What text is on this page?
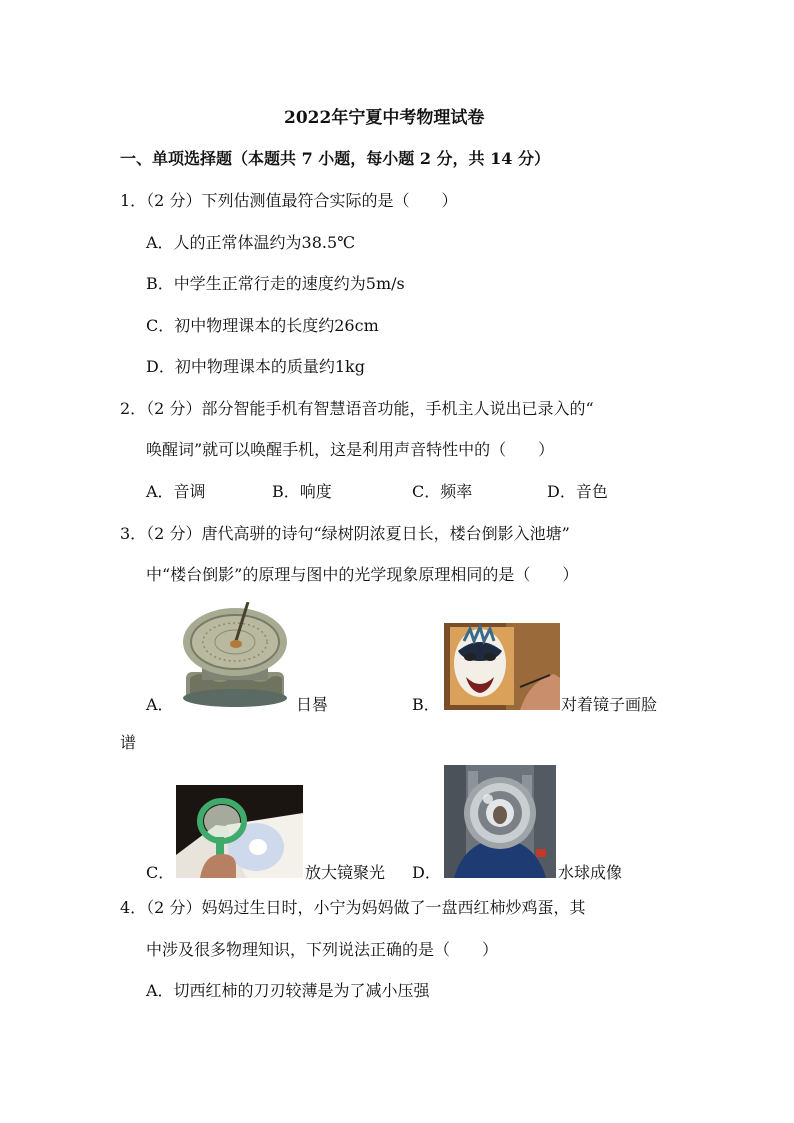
2022年宁夏中考物理试卷
一、单项选择题（本题共 7 小题，每小题 2 分，共 14 分）
1．（2 分）下列估测值最符合实际的是（　　）
A．人的正常体温约为38.5℃
B．中学生正常行走的速度约为5m/s
C．初中物理课本的长度约26cm
D．初中物理课本的质量约1kg
2．（2 分）部分智能手机有智慧语音功能，手机主人说出已录入的“
唤醒词”就可以唤醒手机，这是利用声音特性中的（　　）
A．音调	B．响度	C．频率	D．音色
3．（2 分）唐代高骈的诗句“绿树阴浓夏日长，楼台倒影入池塘”
中“楼台倒影”的原理与图中的光学现象原理相同的是（　　）
A．	日晷	B．	对着镜子画脸
谱
C．	放大镜聚光 D．	水球成像
4．（2 分）妈妈过生日时，小宁为妈妈做了一盘西红柿炒鸡蛋，其
中涉及很多物理知识，下列说法正确的是（　　）
A．切西红柿的刀刃较薄是为了减小压强
